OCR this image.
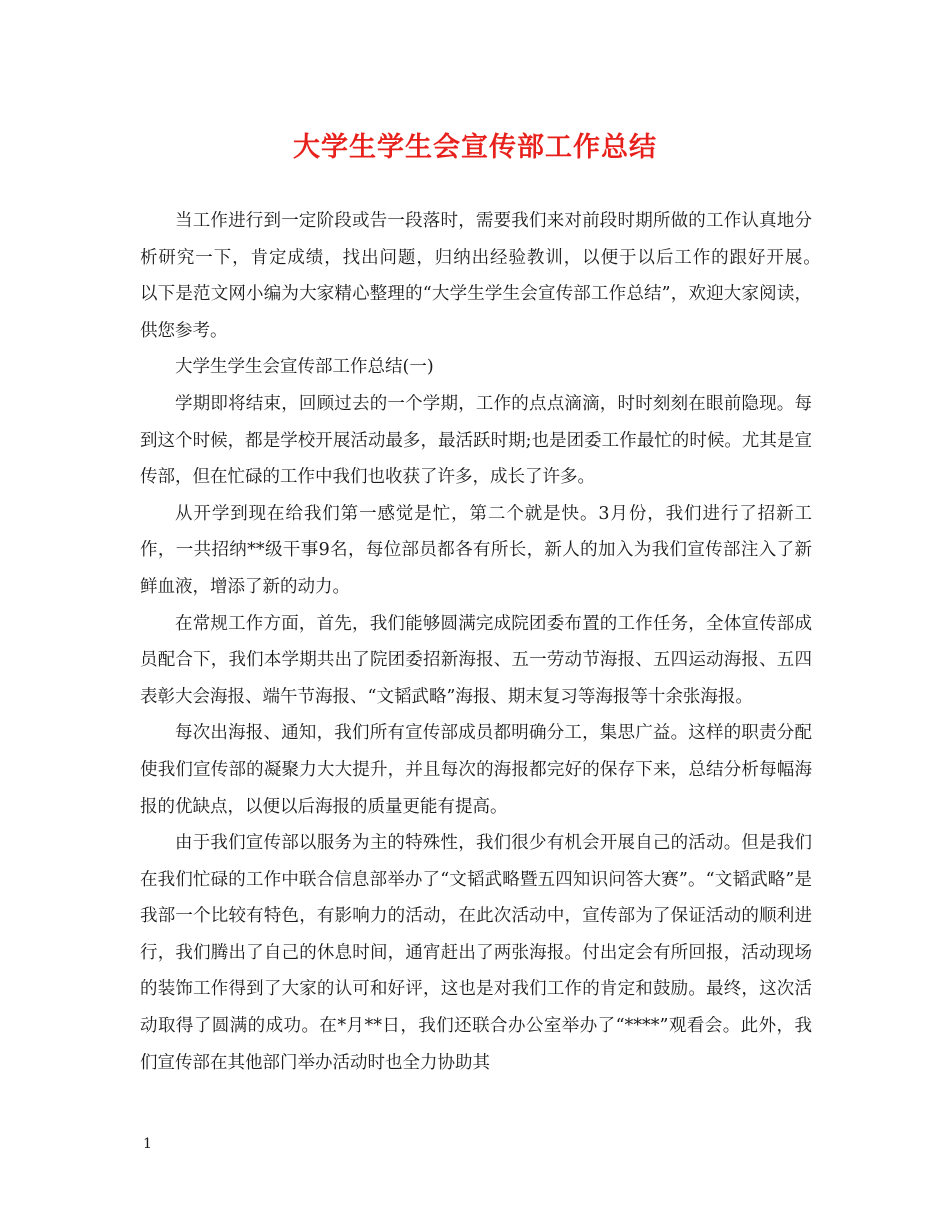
大学生学生会宣传部工作总结

当工作进行到一定阶段或告一段落时，需要我们来对前段时期所做的工作认真地分析研究一下，肯定成绩，找出问题，归纳出经验教训，以便于以后工作的跟好开展。　以下是范文网小编为大家精心整理的“大学生学生会宣传部工作总结”，欢迎大家阅读，供您参考。

大学生学生会宣传部工作总结(一)

学期即将结束，回顾过去的一个学期，工作的点点滴滴，时时刻刻在眼前隐现。每到这个时候，都是学校开展活动最多，最活跃时期;也是团委工作最忙的时候。尤其是宣传部，但在忙碌的工作中我们也收获了许多，成长了许多。

从开学到现在给我们第一感觉是忙，第二个就是快。3月份，我们进行了招新工作，一共招纳**级干事9名，每位部员都各有所长，新人的加入为我们宣传部注入了新鲜血液，增添了新的动力。

在常规工作方面，首先，我们能够圆满完成院团委布置的工作任务，全体宣传部成员配合下，我们本学期共出了院团委招新海报、五一劳动节海报、五四运动海报、五四表彰大会海报、端午节海报、“文韬武略”海报、期末复习等海报等十余张海报。

每次出海报、通知，我们所有宣传部成员都明确分工，集思广益。这样的职责分配使我们宣传部的凝聚力大大提升，并且每次的海报都完好的保存下来，总结分析每幅海报的优缺点，以便以后海报的质量更能有提高。

由于我们宣传部以服务为主的特殊性，我们很少有机会开展自己的活动。但是我们在我们忙碌的工作中联合信息部举办了“文韬武略暨五四知识问答大赛”。“文韬武略”是我部一个比较有特色，有影响力的活动，在此次活动中，宣传部为了保证活动的顺利进行，我们腾出了自己的休息时间，通宵赶出了两张海报。付出定会有所回报，活动现场的装饰工作得到了大家的认可和好评，这也是对我们工作的肯定和鼓励。最终，这次活动取得了圆满的成功。在*月**日，我们还联合办公室举办了“****”观看会。此外，我们宣传部在其他部门举办活动时也全力协助其

1
